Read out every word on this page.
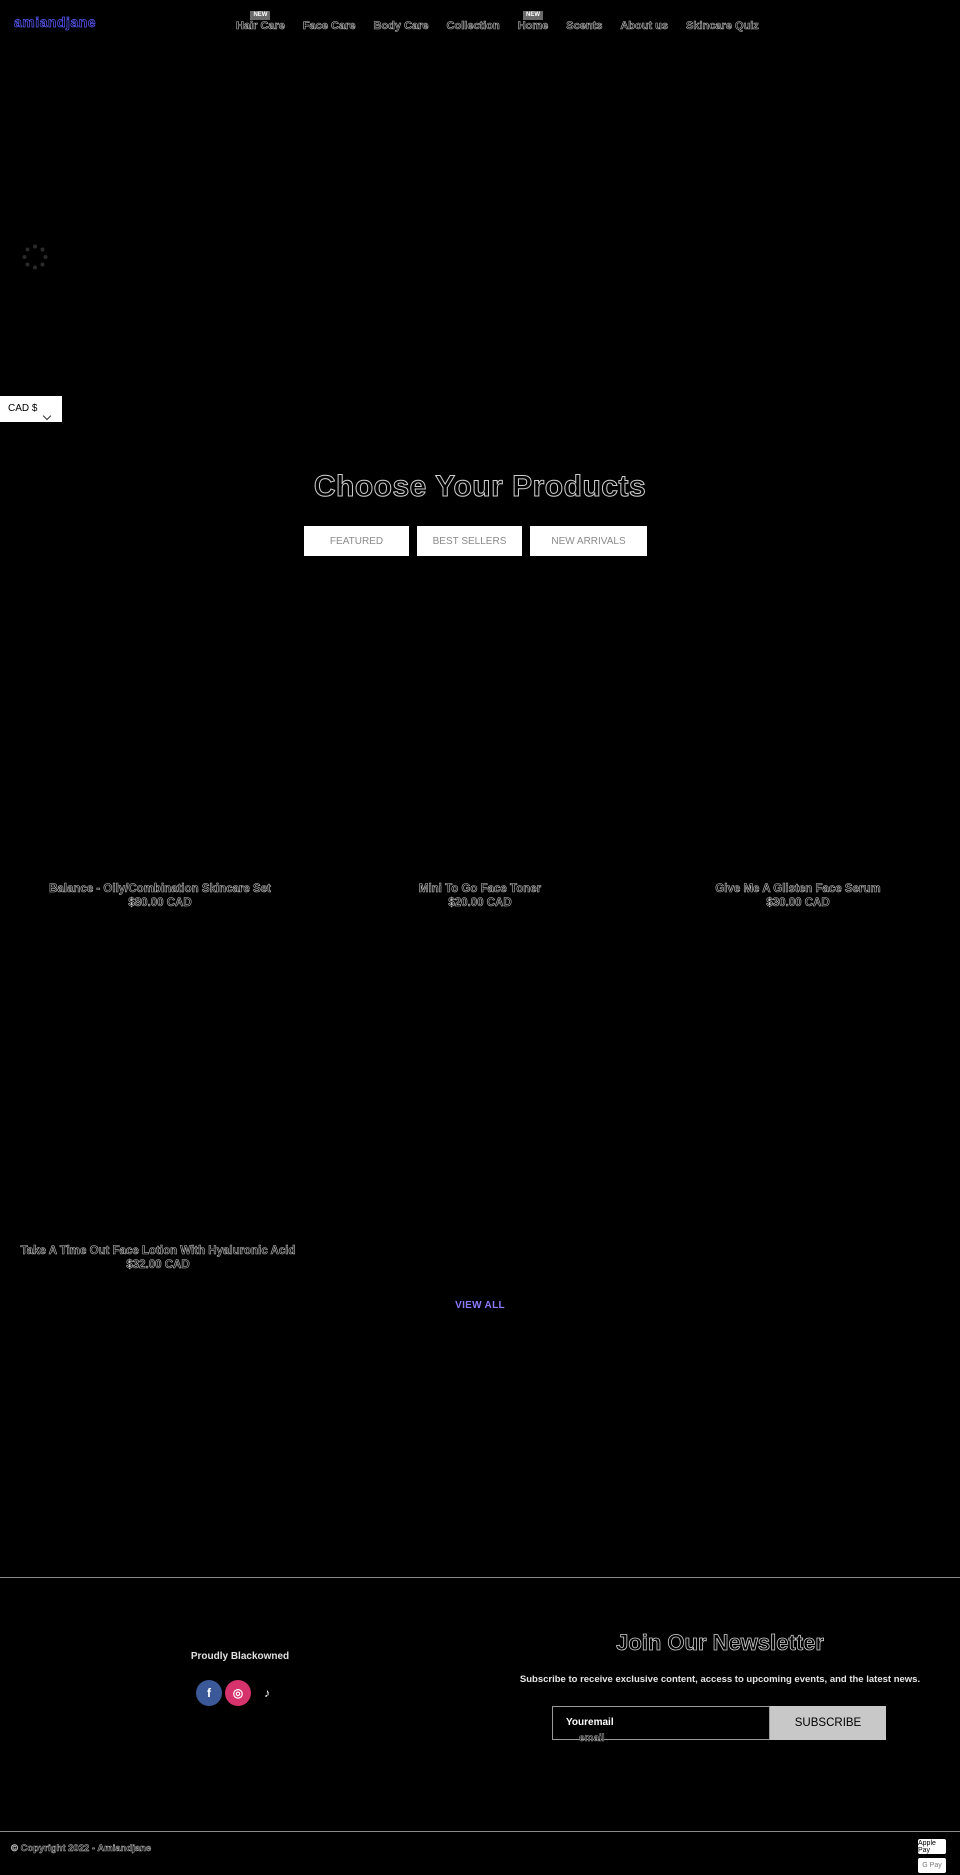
amiandjane	NEW
Hair Care Face Care Body Care Collection
NEW
Home Scents About us Skincare Quiz
CAD $
Choose Your Products
FEATURED	BEST SELLERS	NEW ARRIVALS
Balance - Oily/Combination Skincare Set
$80.00 CAD
Mini To Go Face Toner
$20.00 CAD
Give Me A Glisten Face Serum
$30.00 CAD
Take A Time Out Face Lotion With Hyaluronic Acid
$32.00 CAD
VIEW ALL
Proudly Blackowned
f	◎	♪
Join Our Newsletter

Subscribe to receive exclusive content, access to upcoming events, and the latest news.

Youremail
email
SUBSCRIBE
© Copyright 2022 - Amiandjane	Apple Pay
G Pay
